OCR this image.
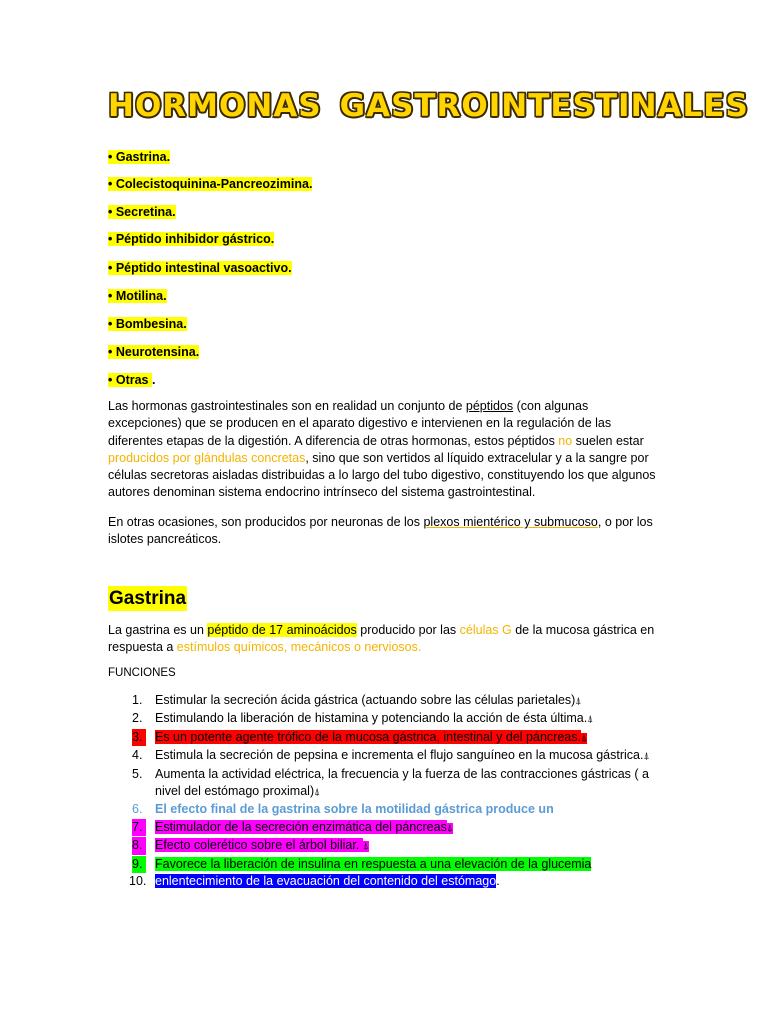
HORMONAS GASTROINTESTINALES
• Gastrina.
• Colecistoquinina-Pancreozimina.
• Secretina.
• Péptido inhibidor gástrico.
• Péptido intestinal vasoactivo.
• Motilina.
• Bombesina.
• Neurotensina.
• Otras .
Las hormonas gastrointestinales son en realidad un conjunto de péptidos (con algunas excepciones) que se producen en el aparato digestivo e intervienen en la regulación de las diferentes etapas de la digestión. A diferencia de otras hormonas, estos péptidos no suelen estar producidos por glándulas concretas, sino que son vertidos al líquido extracelular y a la sangre por células secretoras aisladas distribuidas a lo largo del tubo digestivo, constituyendo los que algunos autores denominan sistema endocrino intrínseco del sistema gastrointestinal.
En otras ocasiones, son producidos por neuronas de los plexos mientérico y submucoso, o por los islotes pancreáticos.
Gastrina
La gastrina es un péptido de 17 aminoácidos producido por las células G de la mucosa gástrica en respuesta a estímulos químicos, mecánicos o nerviosos.
FUNCIONES
1. Estimular la secreción ácida gástrica (actuando sobre las células parietales)⍋
2. Estimulando la liberación de histamina y potenciando la acción de ésta última.⍋
3. Es un potente agente trófico de la mucosa gástrica, intestinal y del páncreas.⍋
4. Estimula la secreción de pepsina e incrementa el flujo sanguíneo en la mucosa gástrica.⍋
5. Aumenta la actividad eléctrica, la frecuencia y la fuerza de las contracciones gástricas ( a nivel del estómago proximal)⍋
6. El efecto final de la gastrina sobre la motilidad gástrica produce un
7. Estimulador de la secreción enzimática del páncreas⍋
8. Efecto colerético sobre el árbol biliar. ⍋
9. Favorece la liberación de insulina en respuesta a una elevación de la glucemia
10. enlentecimiento de la evacuación del contenido del estómago.
